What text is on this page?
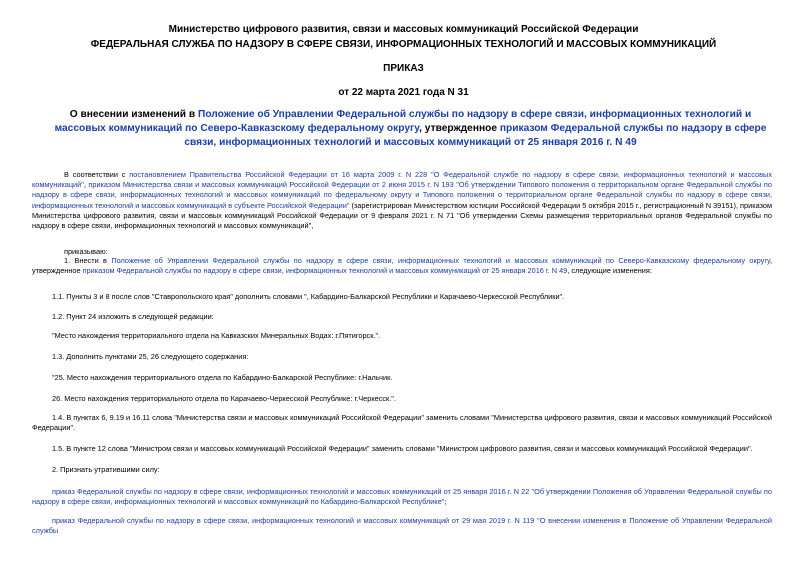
Министерство цифрового развития, связи и массовых коммуникаций Российской Федерации
ФЕДЕРАЛЬНАЯ СЛУЖБА ПО НАДЗОРУ В СФЕРЕ СВЯЗИ, ИНФОРМАЦИОННЫХ ТЕХНОЛОГИЙ И МАССОВЫХ КОММУНИКАЦИЙ
ПРИКАЗ
от 22 марта 2021 года N 31
О внесении изменений в Положение об Управлении Федеральной службы по надзору в сфере связи, информационных технологий и массовых коммуникаций по Северо-Кавказскому федеральному округу, утвержденное приказом Федеральной службы по надзору в сфере связи, информационных технологий и массовых коммуникаций от 25 января 2016 г. N 49
В соответствии с постановлением Правительства Российской Федерации от 16 марта 2009 г. N 228 "О Федеральной службе по надзору в сфере связи, информационных технологий и массовых коммуникаций", приказом Министерства связи и массовых коммуникаций Российской Федерации от 2 июня 2015 г. N 193 "Об утверждении Типового положения о территориальном органе Федеральной службы по надзору в сфере связи, информационных технологий и массовых коммуникаций по федеральному округу и Типового положения о территориальном органе Федеральной службы по надзору в сфере связи, информационных технологий и массовых коммуникаций в субъекте Российской Федерации" (зарегистрирован Министерством юстиции Российской Федерации 5 октября 2015 г., регистрационный N 39151), приказом Министерства цифрового развития, связи и массовых коммуникаций Российской Федерации от 9 февраля 2021 г. N 71 "Об утверждении Схемы размещения территориальных органов Федеральной службы по надзору в сфере связи, информационных технологий и массовых коммуникаций",
приказываю:
1. Внести в Положение об Управлении Федеральной службы по надзору в сфере связи, информационных технологий и массовых коммуникаций по Северо-Кавказскому федеральному округу, утвержденное приказом Федеральной службы по надзору в сфере связи, информационных технологий и массовых коммуникаций от 25 января 2016 г. N 49, следующие изменения:
1.1. Пункты 3 и 8 после слов "Ставропольского края" дополнить словами ", Кабардино-Балкарской Республики и Карачаево-Черкесской Республики".
1.2. Пункт 24 изложить в следующей редакции:
"Место нахождения территориального отдела на Кавказских Минеральных Водах: г.Пятигорск.".
1.3. Дополнить пунктами 25, 26 следующего содержания:
"25. Место нахождения территориального отдела по Кабардино-Балкарской Республике: г.Нальчик.
26. Место нахождения территориального отдела по Карачаево-Черкесской Республике: г.Черкесск.".
1.4. В пунктах 6, 9.19 и 16.11 слова "Министерства связи и массовых коммуникаций Российской Федерации" заменить словами "Министерства цифрового развития, связи и массовых коммуникаций Российской Федерации".
1.5. В пункте 12 слова "Министром связи и массовых коммуникаций Российской Федерации" заменить словами "Министром цифрового развития, связи и массовых коммуникаций Российской Федерации".
2. Признать утратившими силу:
приказ Федеральной службы по надзору в сфере связи, информационных технологий и массовых коммуникаций от 25 января 2016 г. N 22 "Об утверждении Положения об Управлении Федеральной службы по надзору в сфере связи, информационных технологий и массовых коммуникаций по Кабардино-Балкарской Республике";
приказ Федеральной службы по надзору в сфере связи, информационных технологий и массовых коммуникаций от 29 мая 2019 г. N 119 "О внесении изменения в Положение об Управлении Федеральной службы
